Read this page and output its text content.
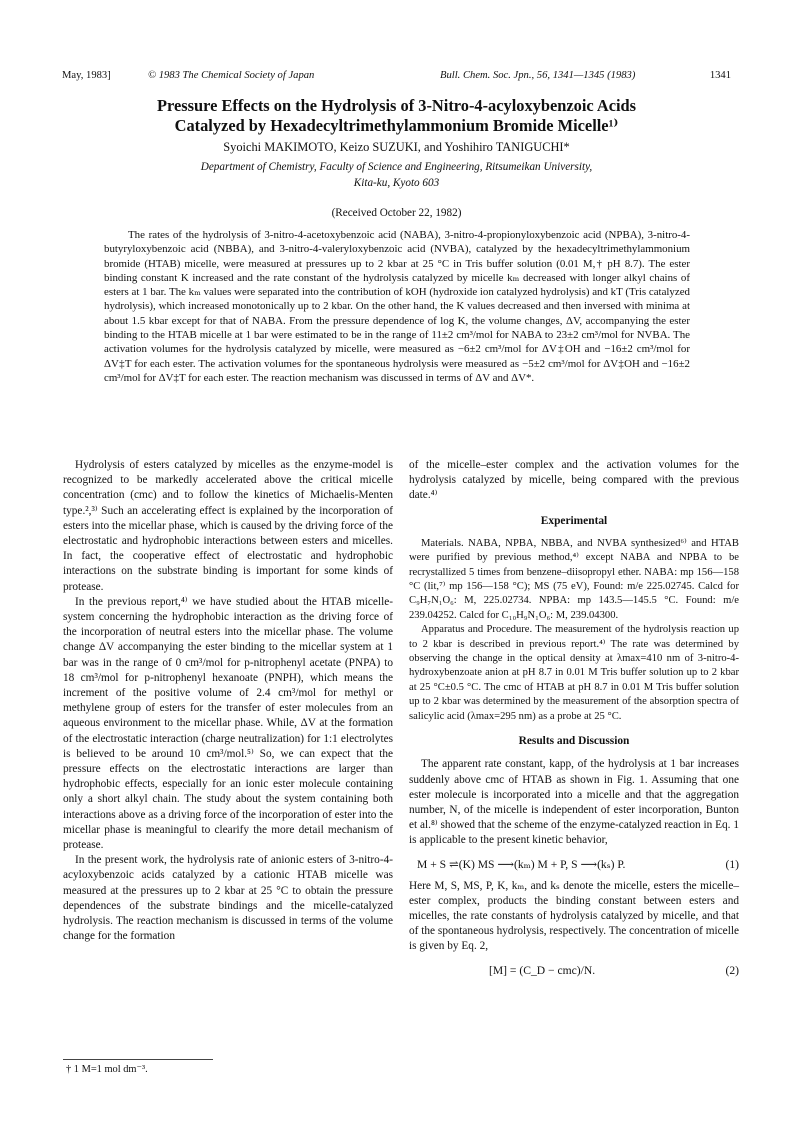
May, 1983]	© 1983 The Chemical Society of Japan	Bull. Chem. Soc. Jpn., 56, 1341—1345 (1983)	1341
Pressure Effects on the Hydrolysis of 3-Nitro-4-acyloxybenzoic Acids
Catalyzed by Hexadecyltrimethylammonium Bromide Micelle¹⁾
Syoichi MAKIMOTO, Keizo SUZUKI, and Yoshihiro TANIGUCHI*
Department of Chemistry, Faculty of Science and Engineering, Ritsumeikan University,
Kita-ku, Kyoto 603
(Received October 22, 1982)

The rates of the hydrolysis of 3-nitro-4-acetoxybenzoic acid (NABA), 3-nitro-4-propionyloxybenzoic acid (NPBA), 3-nitro-4-butyryloxybenzoic acid (NBBA), and 3-nitro-4-valeryloxybenzoic acid (NVBA), catalyzed by the hexadecyltrimethylammonium bromide (HTAB) micelle, were measured at pressures up to 2 kbar at 25 °C in Tris buffer solution (0.01 M,† pH 8.7). The ester binding constant K increased and the rate constant of the hydrolysis catalyzed by micelle kₘ decreased with longer alkyl chains of esters at 1 bar. The kₘ values were separated into the contribution of kOH (hydroxide ion catalyzed hydrolysis) and kT (Tris catalyzed hydrolysis), which increased monotonically up to 2 kbar. On the other hand, the K values decreased and then inversed with minima at about 1.5 kbar except for that of NABA. From the pressure dependence of log K, the volume changes, ΔV, accompanying the ester binding to the HTAB micelle at 1 bar were estimated to be in the range of 11±2 cm³/mol for NABA to 23±2 cm³/mol for NVBA. The activation volumes for the hydrolysis catalyzed by micelle, were measured as −6±2 cm³/mol for ΔV‡OH and −16±2 cm³/mol for ΔV‡T for each ester. The activation volumes for the spontaneous hydrolysis were measured as −5±2 cm³/mol for ΔV‡OH and −16±2 cm³/mol for ΔV‡T for each ester. The reaction mechanism was discussed in terms of ΔV and ΔV*.

Hydrolysis of esters catalyzed by micelles as the enzyme-model is recognized to be markedly accelerated above the critical micelle concentration (cmc) and to follow the kinetics of Michaelis-Menten type.²,³⁾ Such an accelerating effect is explained by the incorporation of esters into the micellar phase, which is caused by the driving force of the electrostatic and hydrophobic interactions between esters and micelles. In fact, the cooperative effect of electrostatic and hydrophobic interactions on the substrate binding is important for some kinds of protease.

In the previous report,⁴⁾ we have studied about the HTAB micelle-system concerning the hydrophobic interaction as the driving force of the incorporation of neutral esters into the micellar phase. The volume change ΔV accompanying the ester binding to the micellar system at 1 bar was in the range of 0 cm³/mol for p-nitrophenyl acetate (PNPA) to 18 cm³/mol for p-nitrophenyl hexanoate (PNPH), which means the increment of the positive volume of 2.4 cm³/mol for methyl or methylene group of esters for the transfer of ester molecules from an aqueous environment to the micellar phase. While, ΔV at the formation of the electrostatic interaction (charge neutralization) for 1:1 electrolytes is believed to be around 10 cm³/mol.⁵⁾ So, we can expect that the pressure effects on the electrostatic interactions are larger than hydrophobic effects, especially for an ionic ester molecule containing only a short alkyl chain. The study about the system containing both interactions above as a driving force of the incorporation of ester into the micellar phase is meaningful to clearify the more detail mechanism of protease.

In the present work, the hydrolysis rate of anionic esters of 3-nitro-4-acyloxybenzoic acids catalyzed by a cationic HTAB micelle was measured at the pressures up to 2 kbar at 25 °C to obtain the pressure dependences of the substrate bindings and the micelle-catalyzed hydrolysis. The reaction mechanism is discussed in terms of the volume change for the formation

of the micelle–ester complex and the activation volumes for the hydrolysis catalyzed by micelle, being compared with the previous date.⁴⁾

Experimental

Materials. NABA, NPBA, NBBA, and NVBA synthesized⁶⁾ and HTAB were purified by previous method,⁴⁾ except NABA and NPBA to be recrystallized 5 times from benzene–diisopropyl ether. NABA: mp 156—158 °C (lit,⁷⁾ mp 156—158 °C); MS (75 eV), Found: m/e 225.02745. Calcd for C₉H₇N₁O₆: M, 225.02734. NPBA: mp 143.5—145.5 °C. Found: m/e 239.04252. Calcd for C₁₀H₉N₁O₆: M, 239.04300.

Apparatus and Procedure. The measurement of the hydrolysis reaction up to 2 kbar is described in previous report.⁴⁾ The rate was determined by observing the change in the optical density at λmax=410 nm of 3-nitro-4-hydroxybenzoate anion at pH 8.7 in 0.01 M Tris buffer solution up to 2 kbar at 25 °C±0.5 °C. The cmc of HTAB at pH 8.7 in 0.01 M Tris buffer solution up to 2 kbar was determined by the measurement of the absorption spectra of salicylic acid (λmax=295 nm) as a probe at 25 °C.

Results and Discussion

The apparent rate constant, kapp, of the hydrolysis at 1 bar increases suddenly above cmc of HTAB as shown in Fig. 1. Assuming that one ester molecule is incorporated into a micelle and that the aggregation number, N, of the micelle is independent of ester incorporation, Bunton et al.⁸⁾ showed that the scheme of the enzyme-catalyzed reaction in Eq. 1 is applicable to the present kinetic behavior,

M + S ⇌(K) MS ⟶(kₘ) M + P, S ⟶(kₛ) P.	(1)

Here M, S, MS, P, K, kₘ, and kₛ denote the micelle, esters the micelle–ester complex, products the binding constant between esters and micelles, the rate constants of hydrolysis catalyzed by micelle, and that of the spontaneous hydrolysis, respectively. The concentration of micelle is given by Eq. 2,

[M] = (C_D − cmc)/N.	(2)
† 1 M=1 mol dm⁻³.
